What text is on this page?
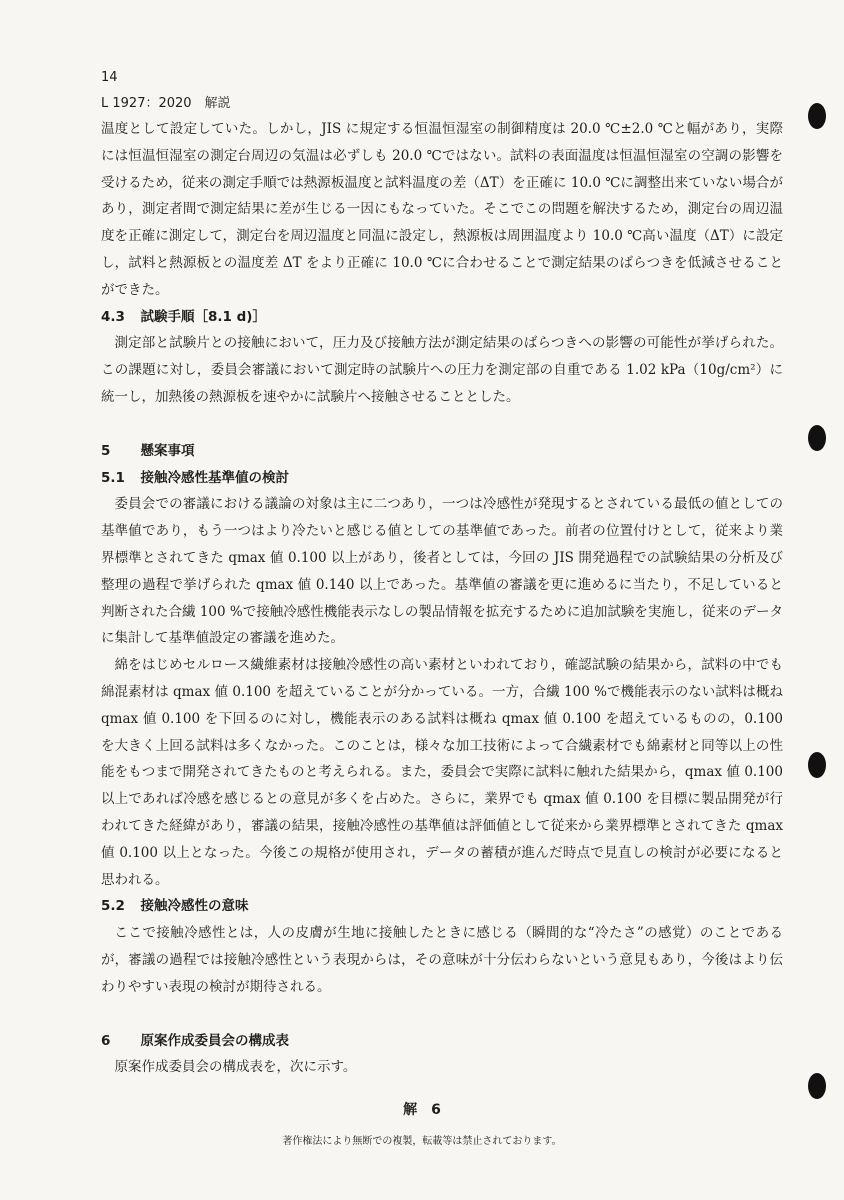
14
L 1927：2020　解説

温度として設定していた。しかし，JIS に規定する恒温恒湿室の制御精度は 20.0 ℃±2.0 ℃と幅があり，実際には恒温恒湿室の測定台周辺の気温は必ずしも 20.0 ℃ではない。試料の表面温度は恒温恒湿室の空調の影響を受けるため，従来の測定手順では熱源板温度と試料温度の差（ΔT）を正確に 10.0 ℃に調整出来ていない場合があり，測定者間で測定結果に差が生じる一因にもなっていた。そこでこの問題を解決するため，測定台の周辺温度を正確に測定して，測定台を周辺温度と同温に設定し，熱源板は周囲温度より 10.0 ℃高い温度（ΔT）に設定し，試料と熱源板との温度差 ΔT をより正確に 10.0 ℃に合わせることで測定結果のばらつきを低減させることができた。

4.3　 試験手順［8.1 d)］

測定部と試験片との接触において，圧力及び接触方法が測定結果のばらつきへの影響の可能性が挙げられた。この課題に対し，委員会審議において測定時の試験片への圧力を測定部の自重である 1.02 kPa（10g/cm²）に統一し，加熱後の熱源板を速やかに試験片へ接触させることとした。

5　 懸案事項

5.1　 接触冷感性基準値の検討

委員会での審議における議論の対象は主に二つあり，一つは冷感性が発現するとされている最低の値としての基準値であり，もう一つはより冷たいと感じる値としての基準値であった。前者の位置付けとして，従来より業界標準とされてきた qmax 値 0.100 以上があり，後者としては，今回の JIS 開発過程での試験結果の分析及び整理の過程で挙げられた qmax 値 0.140 以上であった。基準値の審議を更に進めるに当たり，不足していると判断された合繊 100 %で接触冷感性機能表示なしの製品情報を拡充するために追加試験を実施し，従来のデータに集計して基準値設定の審議を進めた。

綿をはじめセルロース繊維素材は接触冷感性の高い素材といわれており，確認試験の結果から，試料の中でも綿混素材は qmax 値 0.100 を超えていることが分かっている。一方，合繊 100 %で機能表示のない試料は概ね qmax 値 0.100 を下回るのに対し，機能表示のある試料は概ね qmax 値 0.100 を超えているものの，0.100 を大きく上回る試料は多くなかった。このことは，様々な加工技術によって合繊素材でも綿素材と同等以上の性能をもつまで開発されてきたものと考えられる。また，委員会で実際に試料に触れた結果から，qmax 値 0.100 以上であれば冷感を感じるとの意見が多くを占めた。さらに，業界でも qmax 値 0.100 を目標に製品開発が行われてきた経緯があり，審議の結果，接触冷感性の基準値は評価値として従来から業界標準とされてきた qmax 値 0.100 以上となった。今後この規格が使用され，データの蓄積が進んだ時点で見直しの検討が必要になると思われる。

5.2　 接触冷感性の意味

ここで接触冷感性とは，人の皮膚が生地に接触したときに感じる（瞬間的な“冷たさ”の感覚）のことであるが，審議の過程では接触冷感性という表現からは，その意味が十分伝わらないという意見もあり，今後はより伝わりやすい表現の検討が期待される。

6　 原案作成委員会の構成表

原案作成委員会の構成表を，次に示す。

解　6
著作権法により無断での複製，転載等は禁止されております。
